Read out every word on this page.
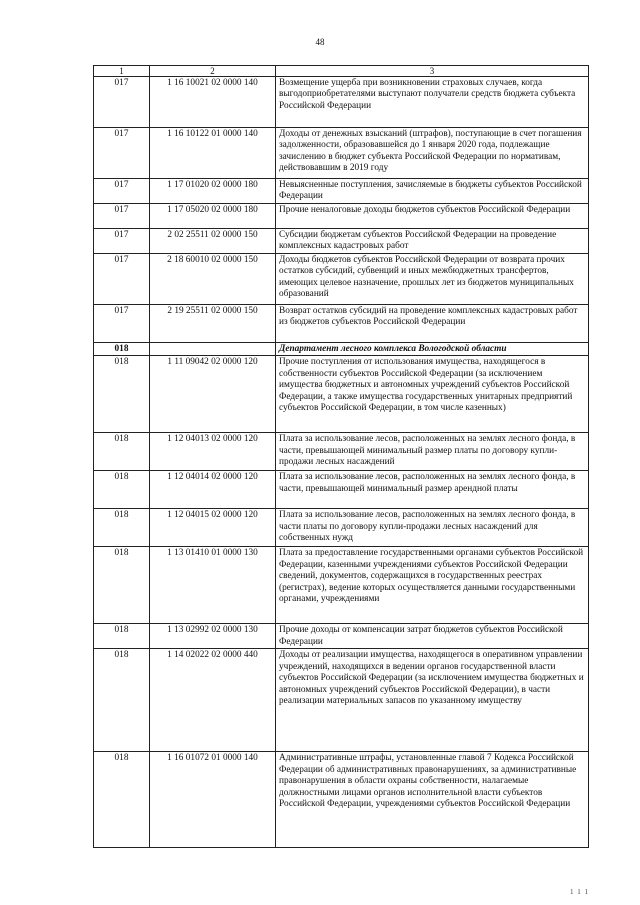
48
1	2	3
017	1 16 10021 02 0000 140	Возмещение ущерба при возникновении страховых случаев, когда выгодоприобретателями выступают получатели средств бюджета субъекта Российской Федерации
017	1 16 10122 01 0000 140	Доходы от денежных взысканий (штрафов), поступающие в счет погашения задолженности, образовавшейся до 1 января 2020 года, подлежащие зачислению в бюджет субъекта Российской Федерации по нормативам, действовавшим в 2019 году
017	1 17 01020 02 0000 180	Невыясненные поступления, зачисляемые в бюджеты субъектов Российской Федерации
017	1 17 05020 02 0000 180	Прочие неналоговые доходы бюджетов субъектов Российской Федерации
017	2 02 25511 02 0000 150	Субсидии бюджетам субъектов Российской Федерации на проведение комплексных кадастровых работ
017	2 18 60010 02 0000 150	Доходы бюджетов субъектов Российской Федерации от возврата прочих остатков субсидий, субвенций и иных межбюджетных трансфертов, имеющих целевое назначение, прошлых лет из бюджетов муниципальных образований
017	2 19 25511 02 0000 150	Возврат остатков субсидий на проведение комплексных кадастровых работ из бюджетов субъектов Российской Федерации
018		Департамент лесного комплекса Вологодской области
018	1 11 09042 02 0000 120	Прочие поступления от использования имущества, находящегося в собственности субъектов Российской Федерации (за исключением имущества бюджетных и автономных учреждений субъектов Российской Федерации, а также имущества государственных унитарных предприятий субъектов Российской Федерации, в том числе казенных)
018	1 12 04013 02 0000 120	Плата за использование лесов, расположенных на землях лесного фонда, в части, превышающей минимальный размер платы по договору купли-продажи лесных насаждений
018	1 12 04014 02 0000 120	Плата за использование лесов, расположенных на землях лесного фонда, в части, превышающей минимальный размер арендной платы
018	1 12 04015 02 0000 120	Плата за использование лесов, расположенных на землях лесного фонда, в части платы по договору купли-продажи лесных насаждений для собственных нужд
018	1 13 01410 01 0000 130	Плата за предоставление государственными органами субъектов Российской Федерации, казенными учреждениями субъектов Российской Федерации сведений, документов, содержащихся в государственных реестрах (регистрах), ведение которых осуществляется данными государственными органами, учреждениями
018	1 13 02992 02 0000 130	Прочие доходы от компенсации затрат бюджетов субъектов Российской Федерации
018	1 14 02022 02 0000 440	Доходы от реализации имущества, находящегося в оперативном управлении учреждений, находящихся в ведении органов государственной власти субъектов Российской Федерации (за исключением имущества бюджетных и автономных учреждений субъектов Российской Федерации), в части реализации материальных запасов по указанному имуществу
018	1 16 01072 01 0000 140	Административные штрафы, установленные главой 7 Кодекса Российской Федерации об административных правонарушениях, за административные правонарушения в области охраны собственности, налагаемые должностными лицами органов исполнительной власти субъектов Российской Федерации, учреждениями субъектов Российской Федерации
1 1 1
